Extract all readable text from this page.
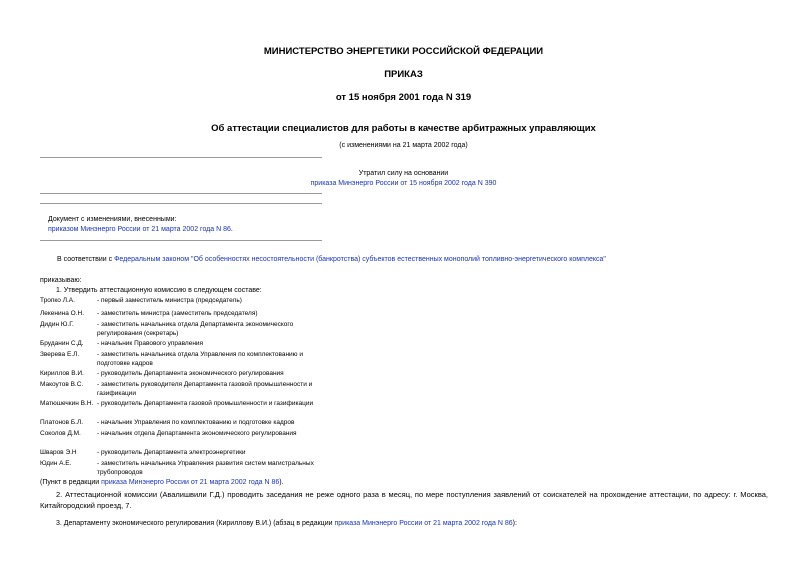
МИНИСТЕРСТВО ЭНЕРГЕТИКИ РОССИЙСКОЙ ФЕДЕРАЦИИ
ПРИКАЗ
от 15 ноября 2001 года N 319
Об аттестации специалистов для работы в качестве арбитражных управляющих
(с изменениями на 21 марта 2002 года)
Утратил силу на основании
приказа Минэнерго России от 15 ноября 2002 года N 390
Документ с изменениями, внесенными:
приказом Минэнерго России от 21 марта 2002 года N 86.
В соответствии с Федеральным законом "Об особенностях несостоятельности (банкротства) субъектов естественных монополий топливно-энергетического комплекса"
приказываю:
1. Утвердить аттестационную комиссию в следующем составе:
Тропко Л.А.	- первый заместитель министра (председатель)
Лекенина О.Н. - заместитель министра (заместитель председателя)
Дидин Ю.Г.	- заместитель начальника отдела Департамента экономического регулирования (секретарь)
Бруданин С.Д. - начальник Правового управления
Зверева Е.Л.	- заместитель начальника отдела Управления по комплектованию и подготовке кадров
Кириллов В.И. - руководитель Департамента экономического регулирования
Макоутов В.С. - заместитель руководителя Департамента газовой промышленности и газификации
Матюшечкин В.Н. - руководитель Департамента газовой промышленности и газификации
Платонов Б.Л. - начальник Управления по комплектованию и подготовке кадров
Соколов Д.М. - начальник отдела Департамента экономического регулирования
Шваров Э.Н	- руководитель Департамента электроэнергетики
Юдин А.Е.	- заместитель начальника Управления развития систем магистральных трубопроводов
(Пункт в редакции приказа Минэнерго России от 21 марта 2002 года N 86).
2. Аттестационной комиссии (Авалишвили Г.Д.) проводить заседания не реже одного раза в месяц, по мере поступления заявлений от соискателей на прохождение аттестации, по адресу: г. Москва, Китайгородский проезд, 7.
3. Департаменту экономического регулирования (Кириллову В.И.) (абзац в редакции приказа Минэнерго России от 21 марта 2002 года N 86):
